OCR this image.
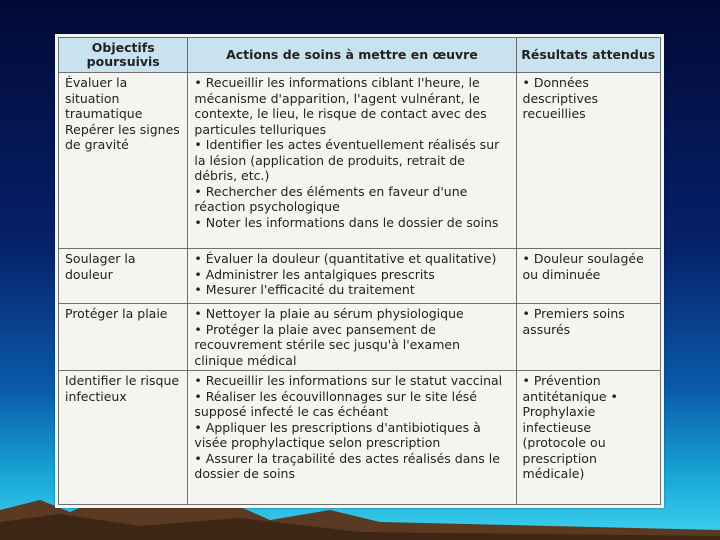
Objectifs poursuivis	Actions de soins à mettre en œuvre	Résultats attendus
Évaluer la situation traumatique Repérer les signes de gravité	• Recueillir les informations ciblant l'heure, le mécanisme d'apparition, l'agent vulnérant, le contexte, le lieu, le risque de contact avec des particules telluriques
• Identifier les actes éventuellement réalisés sur la lésion (application de produits, retrait de débris, etc.)
• Rechercher des éléments en faveur d'une réaction psychologique
• Noter les informations dans le dossier de soins	• Données descriptives recueillies
Soulager la douleur	• Évaluer la douleur (quantitative et qualitative)
• Administrer les antalgiques prescrits
• Mesurer l'efficacité du traitement	• Douleur soulagée ou diminuée
Protéger la plaie	• Nettoyer la plaie au sérum physiologique
• Protéger la plaie avec pansement de recouvrement stérile sec jusqu'à l'examen clinique médical	• Premiers soins assurés
Identifier le risque infectieux	• Recueillir les informations sur le statut vaccinal
• Réaliser les écouvillonnages sur le site lésé supposé infecté le cas échéant
• Appliquer les prescriptions d'antibiotiques à visée prophylactique selon prescription
• Assurer la traçabilité des actes réalisés dans le dossier de soins	• Prévention antitétanique • Prophylaxie infectieuse (protocole ou prescription médicale)
